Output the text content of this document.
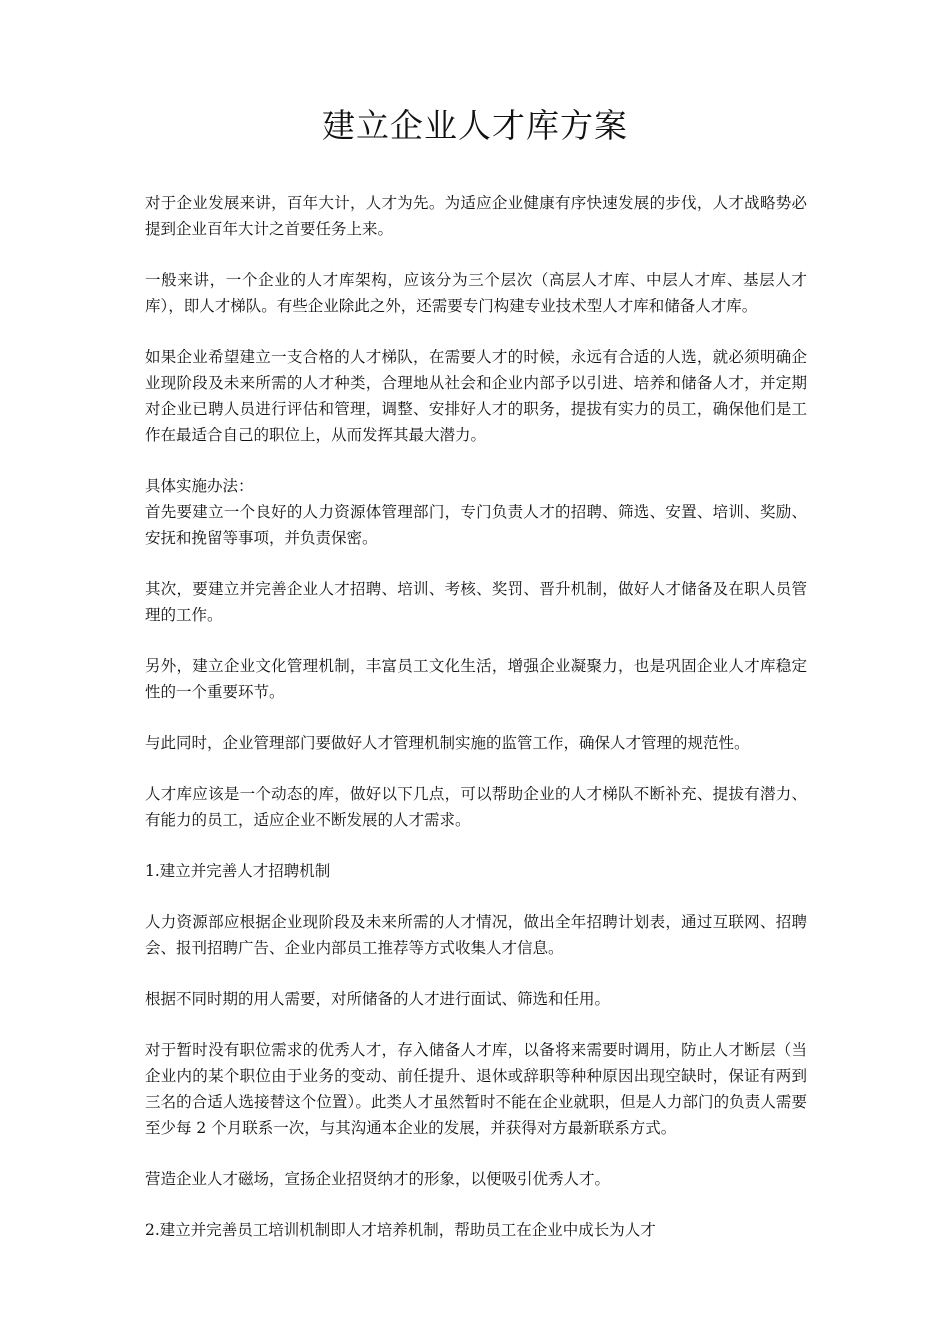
建立企业人才库方案

对于企业发展来讲，百年大计，人才为先。为适应企业健康有序快速发展的步伐，人才战略势必提到企业百年大计之首要任务上来。

一般来讲，一个企业的人才库架构，应该分为三个层次（高层人才库、中层人才库、基层人才库），即人才梯队。有些企业除此之外，还需要专门构建专业技术型人才库和储备人才库。

如果企业希望建立一支合格的人才梯队，在需要人才的时候，永远有合适的人选，就必须明确企业现阶段及未来所需的人才种类，合理地从社会和企业内部予以引进、培养和储备人才，并定期对企业已聘人员进行评估和管理，调整、安排好人才的职务，提拔有实力的员工，确保他们是工作在最适合自己的职位上，从而发挥其最大潜力。

具体实施办法：

首先要建立一个良好的人力资源体管理部门，专门负责人才的招聘、筛选、安置、培训、奖励、安抚和挽留等事项，并负责保密。

其次，要建立并完善企业人才招聘、培训、考核、奖罚、晋升机制，做好人才储备及在职人员管理的工作。

另外，建立企业文化管理机制，丰富员工文化生活，增强企业凝聚力，也是巩固企业人才库稳定性的一个重要环节。

与此同时，企业管理部门要做好人才管理机制实施的监管工作，确保人才管理的规范性。

人才库应该是一个动态的库，做好以下几点，可以帮助企业的人才梯队不断补充、提拔有潜力、有能力的员工，适应企业不断发展的人才需求。

1.建立并完善人才招聘机制

人力资源部应根据企业现阶段及未来所需的人才情况，做出全年招聘计划表，通过互联网、招聘会、报刊招聘广告、企业内部员工推荐等方式收集人才信息。

根据不同时期的用人需要，对所储备的人才进行面试、筛选和任用。

对于暂时没有职位需求的优秀人才，存入储备人才库，以备将来需要时调用，防止人才断层（当企业内的某个职位由于业务的变动、前任提升、退休或辞职等种种原因出现空缺时，保证有两到三名的合适人选接替这个位置）。此类人才虽然暂时不能在企业就职，但是人力部门的负责人需要至少每 2 个月联系一次，与其沟通本企业的发展，并获得对方最新联系方式。

营造企业人才磁场，宣扬企业招贤纳才的形象，以便吸引优秀人才。

2.建立并完善员工培训机制即人才培养机制，帮助员工在企业中成长为人才
